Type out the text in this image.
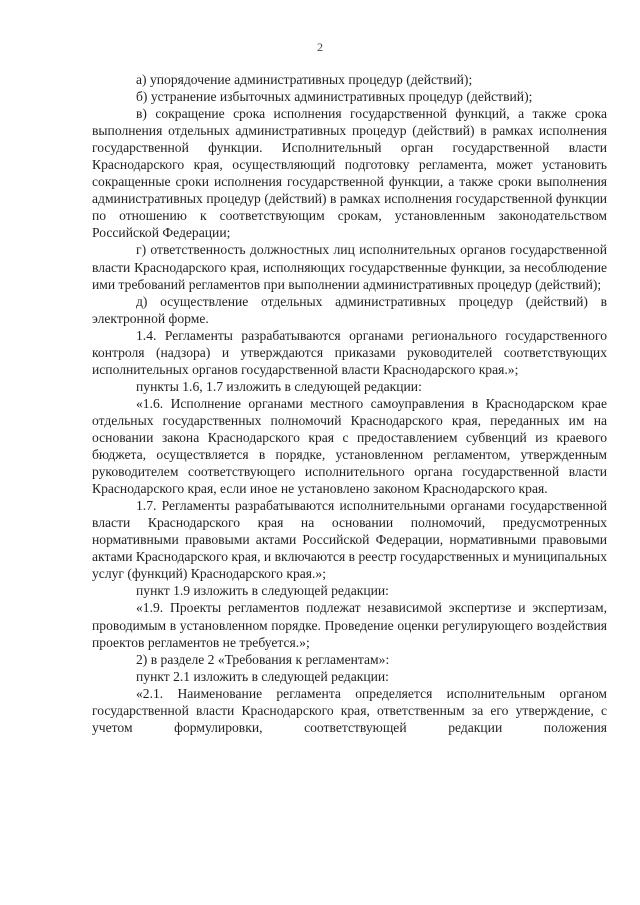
2

а) упорядочение административных процедур (действий);

б) устранение избыточных административных процедур (действий);

в) сокращение срока исполнения государственной функций, а также срока выполнения отдельных административных процедур (действий) в рамках исполнения государственной функции. Исполнительный орган государственной власти Краснодарского края, осуществляющий подготовку регламента, может установить сокращенные сроки исполнения государственной функции, а также сроки выполнения административных процедур (действий) в рамках исполнения государственной функции по отношению к соответствующим срокам, установленным законодательством Российской Федерации;

г) ответственность должностных лиц исполнительных органов государственной власти Краснодарского края, исполняющих государственные функции, за несоблюдение ими требований регламентов при выполнении административных процедур (действий);

д) осуществление отдельных административных процедур (действий) в электронной форме.

1.4. Регламенты разрабатываются органами регионального государственного контроля (надзора) и утверждаются приказами руководителей соответствующих исполнительных органов государственной власти Краснодарского края.»;

пункты 1.6, 1.7 изложить в следующей редакции:

«1.6. Исполнение органами местного самоуправления в Краснодарском крае отдельных государственных полномочий Краснодарского края, переданных им на основании закона Краснодарского края с предоставлением субвенций из краевого бюджета, осуществляется в порядке, установленном регламентом, утвержденным руководителем соответствующего исполнительного органа государственной власти Краснодарского края, если иное не установлено законом Краснодарского края.

1.7. Регламенты разрабатываются исполнительными органами государственной власти Краснодарского края на основании полномочий, предусмотренных нормативными правовыми актами Российской Федерации, нормативными правовыми актами Краснодарского края, и включаются в реестр государственных и муниципальных услуг (функций) Краснодарского края.»;

пункт 1.9 изложить в следующей редакции:

«1.9. Проекты регламентов подлежат независимой экспертизе и экспертизам, проводимым в установленном порядке. Проведение оценки регулирующего воздействия проектов регламентов не требуется.»;

2) в разделе 2 «Требования к регламентам»:

пункт 2.1 изложить в следующей редакции:

«2.1. Наименование регламента определяется исполнительным органом государственной власти Краснодарского края, ответственным за его утверждение, с учетом формулировки, соответствующей редакции положения
